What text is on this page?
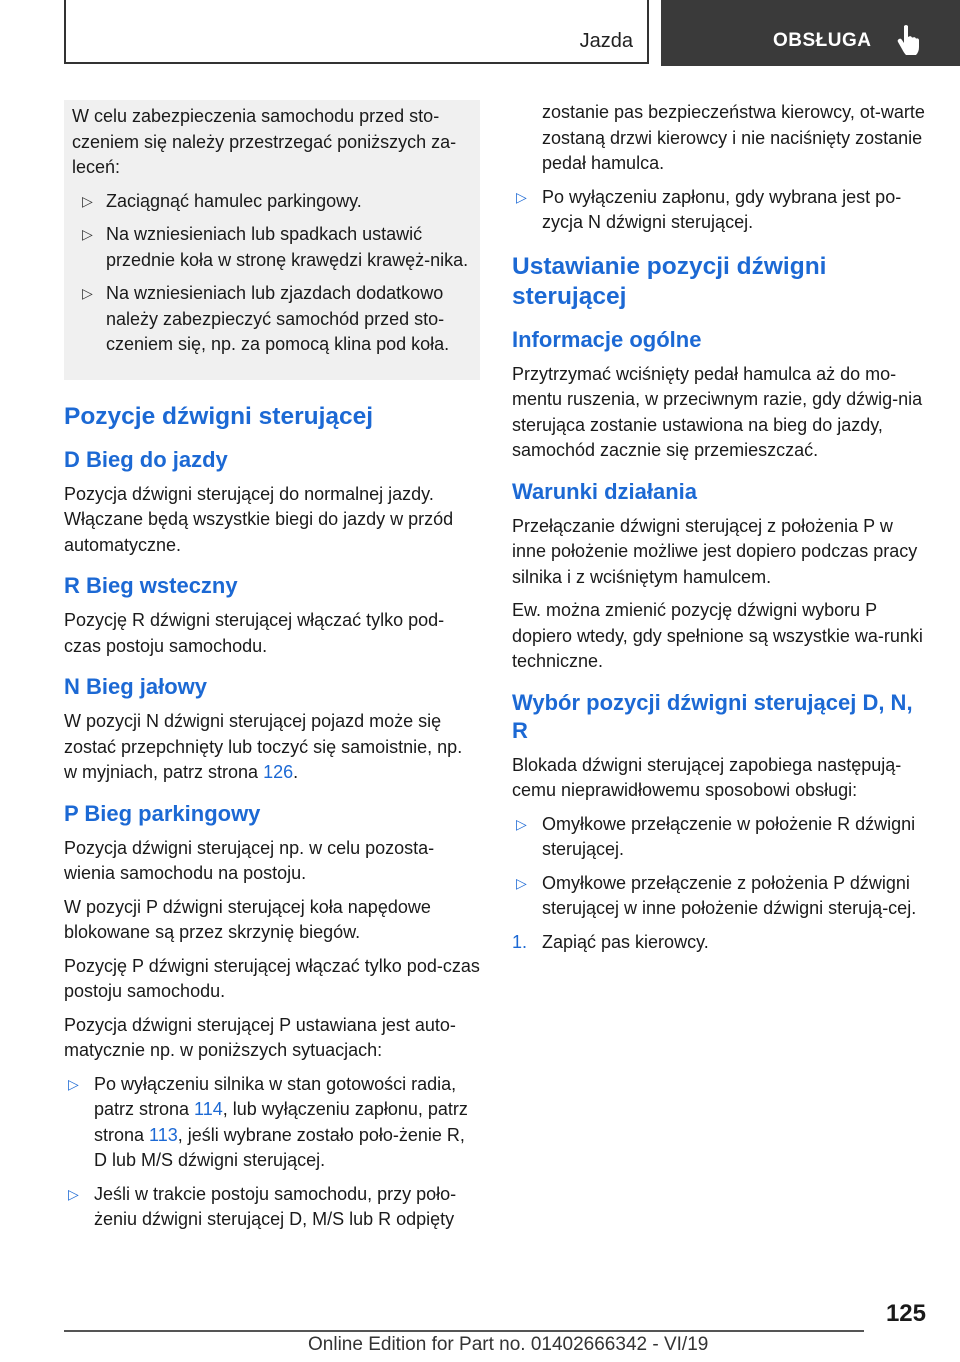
Jazda	OBSŁUGA

W celu zabezpieczenia samochodu przed sto-czeniem się należy przestrzegać poniższych za-leceń:

▷ Zaciągnąć hamulec parkingowy.
▷ Na wzniesieniach lub spadkach ustawić przednie koła w stronę krawędzi krawęż-nika.
▷ Na wzniesieniach lub zjazdach dodatkowo należy zabezpieczyć samochód przed sto-czeniem się, np. za pomocą klina pod koła.
Pozycje dźwigni sterującej
D Bieg do jazdy

Pozycja dźwigni sterującej do normalnej jazdy. Włączane będą wszystkie biegi do jazdy w przód automatyczne.

R Bieg wsteczny

Pozycję R dźwigni sterującej włączać tylko pod-czas postoju samochodu.

N Bieg jałowy

W pozycji N dźwigni sterującej pojazd może się zostać przepchnięty lub toczyć się samoistnie, np. w myjniach, patrz strona 126.

P Bieg parkingowy

Pozycja dźwigni sterującej np. w celu pozosta-wienia samochodu na postoju.

W pozycji P dźwigni sterującej koła napędowe blokowane są przez skrzynię biegów.

Pozycję P dźwigni sterującej włączać tylko pod-czas postoju samochodu.

Pozycja dźwigni sterującej P ustawiana jest auto-matycznie np. w poniższych sytuacjach:

▷ Po wyłączeniu silnika w stan gotowości radia, patrz strona 114, lub wyłączeniu zapłonu, patrz strona 113, jeśli wybrane zostało poło-żenie R, D lub M/S dźwigni sterującej.
▷ Jeśli w trakcie postoju samochodu, przy poło-żeniu dźwigni sterującej D, M/S lub R odpięty

zostanie pas bezpieczeństwa kierowcy, ot-warte zostaną drzwi kierowcy i nie naciśnięty zostanie pedał hamulca.

▷ Po wyłączeniu zapłonu, gdy wybrana jest po-zycja N dźwigni sterującej.
Ustawianie pozycji dźwigni sterującej
Informacje ogólne

Przytrzymać wciśnięty pedał hamulca aż do mo-mentu ruszenia, w przeciwnym razie, gdy dźwig-nia sterująca zostanie ustawiona na bieg do jazdy, samochód zacznie się przemieszczać.

Warunki działania

Przełączanie dźwigni sterującej z położenia P w inne położenie możliwe jest dopiero podczas pracy silnika i z wciśniętym hamulcem.

Ew. można zmienić pozycję dźwigni wyboru P dopiero wtedy, gdy spełnione są wszystkie wa-runki techniczne.

Wybór pozycji dźwigni sterującej D, N, R

Blokada dźwigni sterującej zapobiega następują-cemu nieprawidłowemu sposobowi obsługi:

▷ Omyłkowe przełączenie w położenie R dźwigni sterującej.
▷ Omyłkowe przełączenie z położenia P dźwigni sterującej w inne położenie dźwigni sterują-cej.
1. Zapiąć pas kierowcy.
125
Online Edition for Part no. 01402666342 - VI/19
